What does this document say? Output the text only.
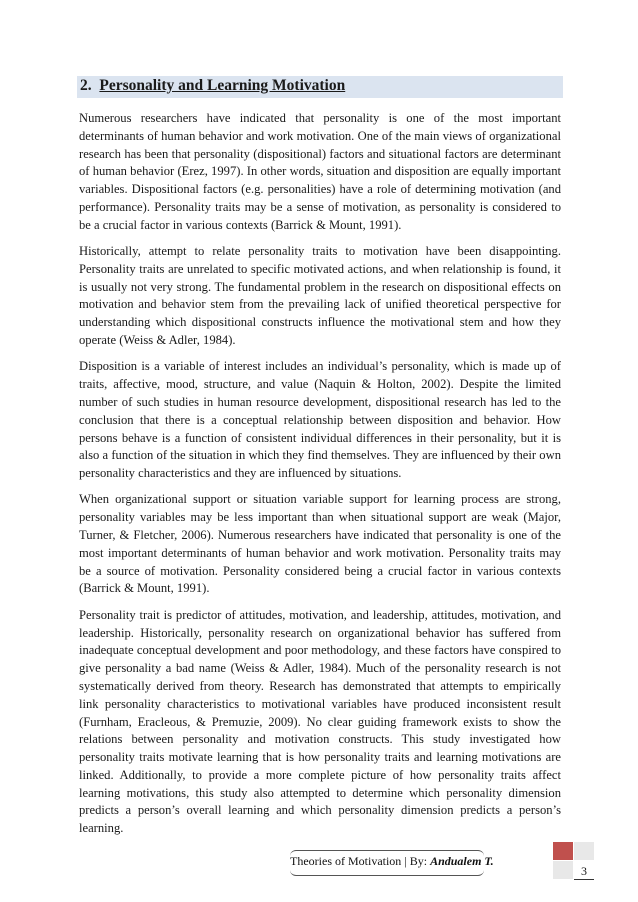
2. Personality and Learning Motivation

Numerous researchers have indicated that personality is one of the most important determinants of human behavior and work motivation. One of the main views of organizational research has been that personality (dispositional) factors and situational factors are determinant of human behavior (Erez, 1997). In other words, situation and disposition are equally important variables. Dispositional factors (e.g. personalities) have a role of determining motivation (and performance). Personality traits may be a sense of motivation, as personality is considered to be a crucial factor in various contexts (Barrick & Mount, 1991).

Historically, attempt to relate personality traits to motivation have been disappointing. Personality traits are unrelated to specific motivated actions, and when relationship is found, it is usually not very strong. The fundamental problem in the research on dispositional effects on motivation and behavior stem from the prevailing lack of unified theoretical perspective for understanding which dispositional constructs influence the motivational stem and how they operate (Weiss & Adler, 1984).

Disposition is a variable of interest includes an individual’s personality, which is made up of traits, affective, mood, structure, and value (Naquin & Holton, 2002). Despite the limited number of such studies in human resource development, dispositional research has led to the conclusion that there is a conceptual relationship between disposition and behavior. How persons behave is a function of consistent individual differences in their personality, but it is also a function of the situation in which they find themselves. They are influenced by their own personality characteristics and they are influenced by situations.

When organizational support or situation variable support for learning process are strong, personality variables may be less important than when situational support are weak (Major, Turner, & Fletcher, 2006). Numerous researchers have indicated that personality is one of the most important determinants of human behavior and work motivation. Personality traits may be a source of motivation. Personality considered being a crucial factor in various contexts (Barrick & Mount, 1991).

Personality trait is predictor of attitudes, motivation, and leadership, attitudes, motivation, and leadership. Historically, personality research on organizational behavior has suffered from inadequate conceptual development and poor methodology, and these factors have conspired to give personality a bad name (Weiss & Adler, 1984). Much of the personality research is not systematically derived from theory. Research has demonstrated that attempts to empirically link personality characteristics to motivational variables have produced inconsistent result (Furnham, Eracleous, & Premuzie, 2009). No clear guiding framework exists to show the relations between personality and motivation constructs. This study investigated how personality traits motivate learning that is how personality traits and learning motivations are linked. Additionally, to provide a more complete picture of how personality traits affect learning motivations, this study also attempted to determine which personality dimension predicts a person’s overall learning and which personality dimension predicts a person’s learning.

Theories of Motivation | By: Andualem T.
3
